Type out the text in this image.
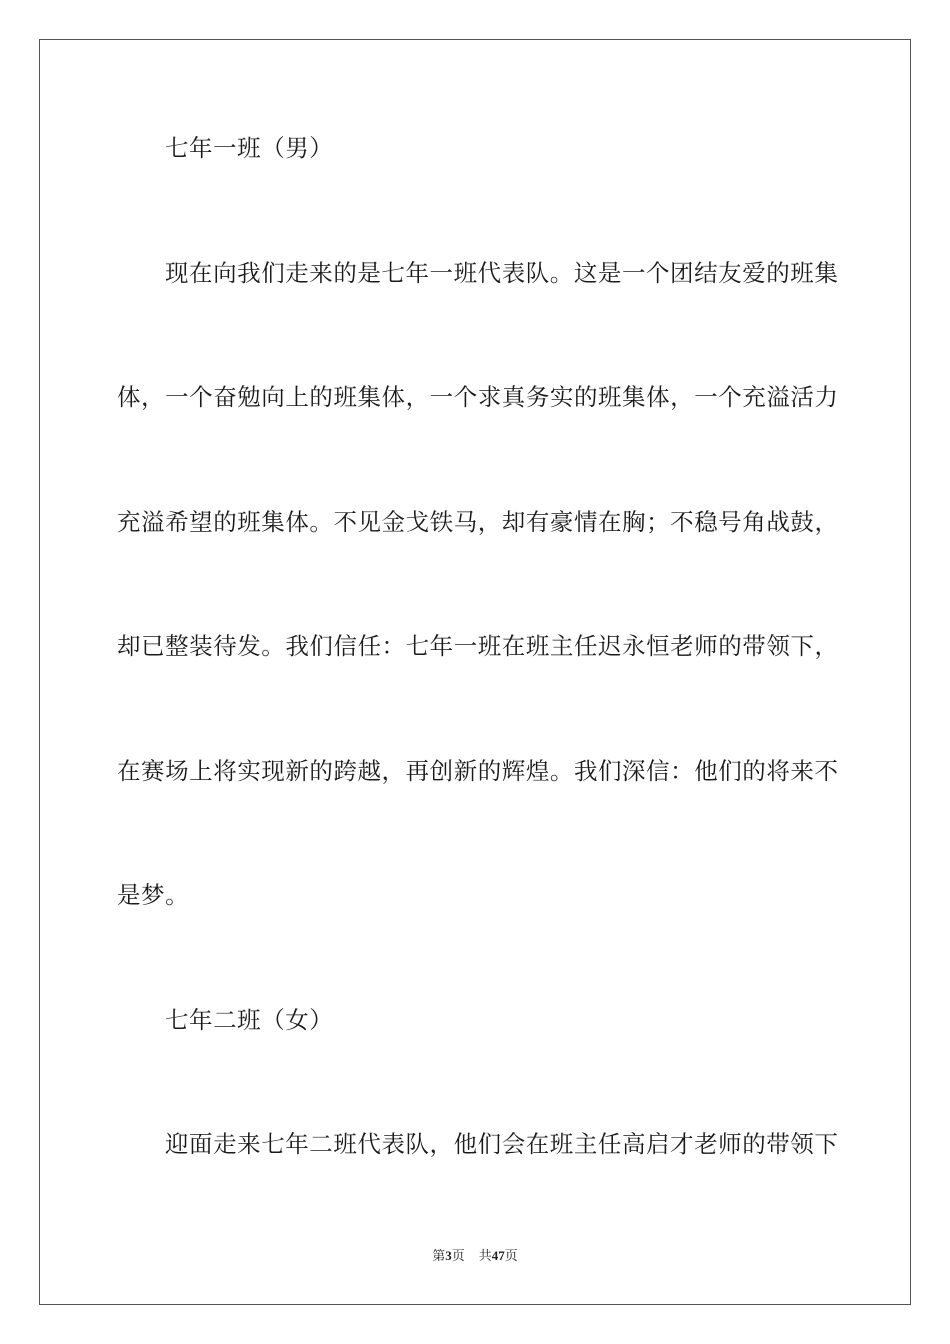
七年一班（男）
现在向我们走来的是七年一班代表队。这是一个团结友爱的班集
体，一个奋勉向上的班集体，一个求真务实的班集体，一个充溢活力
充溢希望的班集体。不见金戈铁马，却有豪情在胸；不稳号角战鼓，
却已整装待发。我们信任：七年一班在班主任迟永恒老师的带领下，
在赛场上将实现新的跨越，再创新的辉煌。我们深信：他们的将来不
是梦。
七年二班（女）
迎面走来七年二班代表队，他们会在班主任高启才老师的带领下
第3页 共47页
